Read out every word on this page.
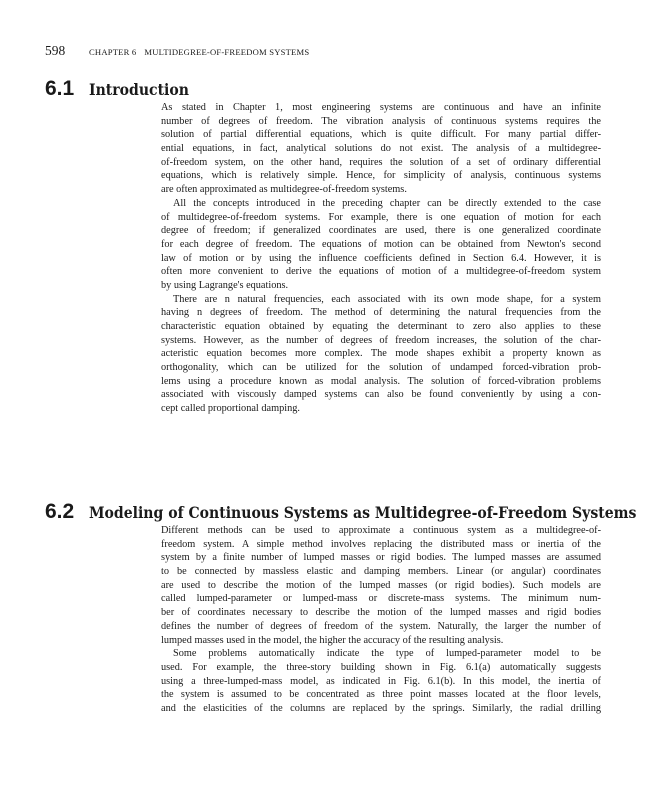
598	CHAPTER 6 MULTIDEGREE-OF-FREEDOM SYSTEMS
6.1 Introduction
As stated in Chapter 1, most engineering systems are continuous and have an infinite
number of degrees of freedom. The vibration analysis of continuous systems requires the
solution of partial differential equations, which is quite difficult. For many partial differ-
ential equations, in fact, analytical solutions do not exist. The analysis of a multidegree-
of-freedom system, on the other hand, requires the solution of a set of ordinary differential
equations, which is relatively simple. Hence, for simplicity of analysis, continuous systems
are often approximated as multidegree-of-freedom systems.
All the concepts introduced in the preceding chapter can be directly extended to the case
of multidegree-of-freedom systems. For example, there is one equation of motion for each
degree of freedom; if generalized coordinates are used, there is one generalized coordinate
for each degree of freedom. The equations of motion can be obtained from Newton's second
law of motion or by using the influence coefficients defined in Section 6.4. However, it is
often more convenient to derive the equations of motion of a multidegree-of-freedom system
by using Lagrange's equations.
There are n natural frequencies, each associated with its own mode shape, for a system
having n degrees of freedom. The method of determining the natural frequencies from the
characteristic equation obtained by equating the determinant to zero also applies to these
systems. However, as the number of degrees of freedom increases, the solution of the char-
acteristic equation becomes more complex. The mode shapes exhibit a property known as
orthogonality, which can be utilized for the solution of undamped forced-vibration prob-
lems using a procedure known as modal analysis. The solution of forced-vibration problems
associated with viscously damped systems can also be found conveniently by using a con-
cept called proportional damping.
6.2 Modeling of Continuous Systems as Multidegree-of-Freedom Systems
Different methods can be used to approximate a continuous system as a multidegree-of-
freedom system. A simple method involves replacing the distributed mass or inertia of the
system by a finite number of lumped masses or rigid bodies. The lumped masses are assumed
to be connected by massless elastic and damping members. Linear (or angular) coordinates
are used to describe the motion of the lumped masses (or rigid bodies). Such models are
called lumped-parameter or lumped-mass or discrete-mass systems. The minimum num-
ber of coordinates necessary to describe the motion of the lumped masses and rigid bodies
defines the number of degrees of freedom of the system. Naturally, the larger the number of
lumped masses used in the model, the higher the accuracy of the resulting analysis.
Some problems automatically indicate the type of lumped-parameter model to be
used. For example, the three-story building shown in Fig. 6.1(a) automatically suggests
using a three-lumped-mass model, as indicated in Fig. 6.1(b). In this model, the inertia of
the system is assumed to be concentrated as three point masses located at the floor levels,
and the elasticities of the columns are replaced by the springs. Similarly, the radial drilling
